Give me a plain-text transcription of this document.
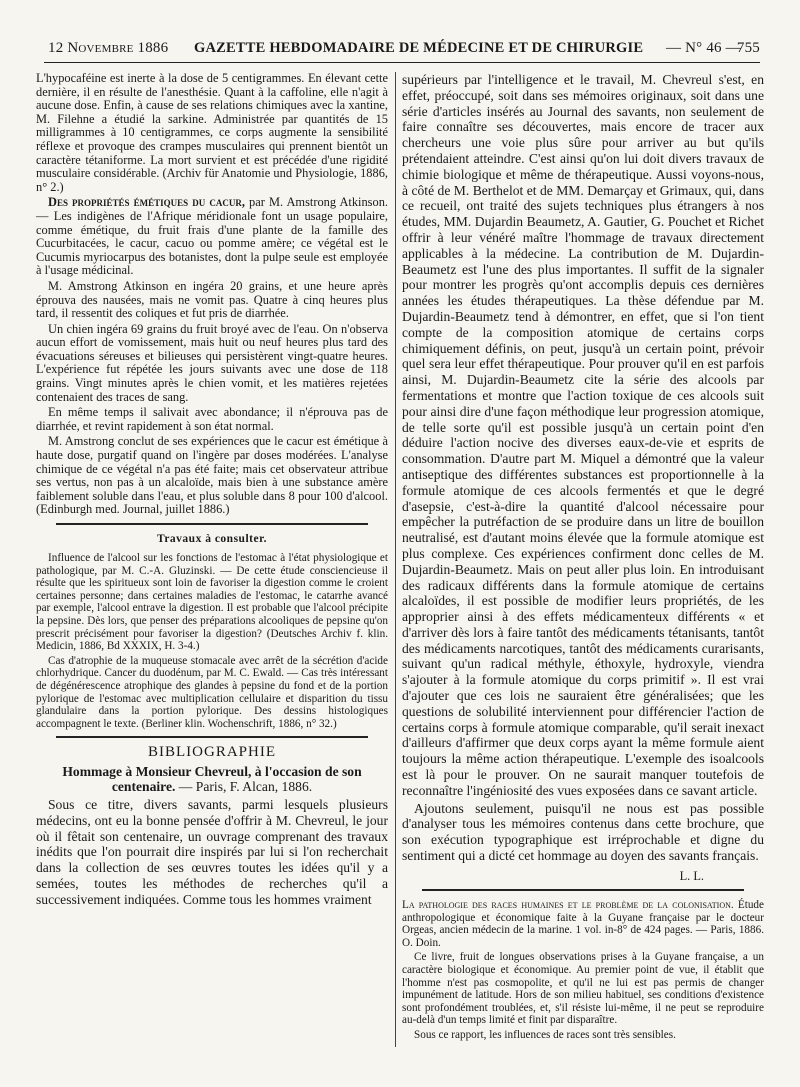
12 Novembre 1886 GAZETTE HEBDOMADAIRE DE MÉDECINE ET DE CHIRURGIE — N° 46 —
755

L'hypocaféine est inerte à la dose de 5 centigrammes. En élevant cette dernière, il en résulte de l'anesthésie. Quant à la caffoline, elle n'agit à aucune dose. Enfin, à cause de ses relations chimiques avec la xantine, M. Filehne a étudié la sarkine. Administrée par quantités de 15 milligrammes à 10 centigrammes, ce corps augmente la sensibilité réflexe et provoque des crampes musculaires qui prennent bientôt un caractère tétaniforme. La mort survient et est précédée d'une rigidité musculaire considérable. (Archiv für Anatomie und Physiologie, 1886, n° 2.)

Des propriétés émétiques du cacur, par M. Amstrong Atkinson. — Les indigènes de l'Afrique méridionale font un usage populaire, comme émétique, du fruit frais d'une plante de la famille des Cucurbitacées, le cacur, cacuo ou pomme amère; ce végétal est le Cucumis myriocarpus des botanistes, dont la pulpe seule est employée à l'usage médicinal.

M. Amstrong Atkinson en ingéra 20 grains, et une heure après éprouva des nausées, mais ne vomit pas. Quatre à cinq heures plus tard, il ressentit des coliques et fut pris de diarrhée.

Un chien ingéra 69 grains du fruit broyé avec de l'eau. On n'observa aucun effort de vomissement, mais huit ou neuf heures plus tard des évacuations séreuses et bilieuses qui persistèrent vingt-quatre heures. L'expérience fut répétée les jours suivants avec une dose de 118 grains. Vingt minutes après le chien vomit, et les matières rejetées contenaient des traces de sang.

En même temps il salivait avec abondance; il n'éprouva pas de diarrhée, et revint rapidement à son état normal.

M. Amstrong conclut de ses expériences que le cacur est émétique à haute dose, purgatif quand on l'ingère par doses modérées. L'analyse chimique de ce végétal n'a pas été faite; mais cet observateur attribue ses vertus, non pas à un alcaloïde, mais bien à une substance amère faiblement soluble dans l'eau, et plus soluble dans 8 pour 100 d'alcool. (Edinburgh med. Journal, juillet 1886.)

Travaux à consulter.

Influence de l'alcool sur les fonctions de l'estomac à l'état physiologique et pathologique, par M. C.-A. Gluzinski. — De cette étude consciencieuse il résulte que les spiritueux sont loin de favoriser la digestion comme le croient certaines personne; dans certaines maladies de l'estomac, le catarrhe avancé par exemple, l'alcool entrave la digestion. Il est probable que l'alcool précipite la pepsine. Dès lors, que penser des préparations alcooliques de pepsine qu'on prescrit précisément pour favoriser la digestion? (Deutsches Archiv f. klin. Medicin, 1886, Bd XXXIX, H. 3-4.)

Cas d'atrophie de la muqueuse stomacale avec arrêt de la sécrétion d'acide chlorhydrique. Cancer du duodénum, par M. C. Ewald. — Cas très intéressant de dégénérescence atrophique des glandes à pepsine du fond et de la portion pylorique de l'estomac avec multiplication cellulaire et disparition du tissu glandulaire dans la portion pylorique. Des dessins histologiques accompagnent le texte. (Berliner klin. Wochenschrift, 1886, n° 32.)

BIBLIOGRAPHIE

Hommage à Monsieur Chevreul, à l'occasion de son centenaire. — Paris, F. Alcan, 1886.

Sous ce titre, divers savants, parmi lesquels plusieurs médecins, ont eu la bonne pensée d'offrir à M. Chevreul, le jour où il fêtait son centenaire, un ouvrage comprenant des travaux inédits que l'on pourrait dire inspirés par lui si l'on recherchait dans la collection de ses œuvres toutes les idées qu'il y a semées, toutes les méthodes de recherches qu'il a successivement indiquées. Comme tous les hommes vraiment

supérieurs par l'intelligence et le travail, M. Chevreul s'est, en effet, préoccupé, soit dans ses mémoires originaux, soit dans une série d'articles insérés au Journal des savants, non seulement de faire connaître ses découvertes, mais encore de tracer aux chercheurs une voie plus sûre pour arriver au but qu'ils prétendaient atteindre. C'est ainsi qu'on lui doit divers travaux de chimie biologique et même de thérapeutique. Aussi voyons-nous, à côté de M. Berthelot et de MM. Demarçay et Grimaux, qui, dans ce recueil, ont traité des sujets techniques plus étrangers à nos études, MM. Dujardin Beaumetz, A. Gautier, G. Pouchet et Richet offrir à leur vénéré maître l'hommage de travaux directement applicables à la médecine. La contribution de M. Dujardin-Beaumetz est l'une des plus importantes. Il suffit de la signaler pour montrer les progrès qu'ont accomplis depuis ces dernières années les études thérapeutiques. La thèse défendue par M. Dujardin-Beaumetz tend à démontrer, en effet, que si l'on tient compte de la composition atomique de certains corps chimiquement définis, on peut, jusqu'à un certain point, prévoir quel sera leur effet thérapeutique. Pour prouver qu'il en est parfois ainsi, M. Dujardin-Beaumetz cite la série des alcools par fermentations et montre que l'action toxique de ces alcools suit pour ainsi dire d'une façon méthodique leur progression atomique, de telle sorte qu'il est possible jusqu'à un certain point d'en déduire l'action nocive des diverses eaux-de-vie et esprits de consommation. D'autre part M. Miquel a démontré que la valeur antiseptique des différentes substances est proportionnelle à la formule atomique de ces alcools fermentés et que le degré d'asepsie, c'est-à-dire la quantité d'alcool nécessaire pour empêcher la putréfaction de se produire dans un litre de bouillon neutralisé, est d'autant moins élevée que la formule atomique est plus complexe. Ces expériences confirment donc celles de M. Dujardin-Beaumetz. Mais on peut aller plus loin. En introduisant des radicaux différents dans la formule atomique de certains alcaloïdes, il est possible de modifier leurs propriétés, de les approprier ainsi à des effets médicamenteux différents « et d'arriver dès lors à faire tantôt des médicaments tétanisants, tantôt des médicaments narcotiques, tantôt des médicaments curarisants, suivant qu'un radical méthyle, éthoxyle, hydroxyle, viendra s'ajouter à la formule atomique du corps primitif ». Il est vrai d'ajouter que ces lois ne sauraient être généralisées; que les questions de solubilité interviennent pour différencier l'action de certains corps à formule atomique comparable, qu'il serait inexact d'ailleurs d'affirmer que deux corps ayant la même formule aient toujours la même action thérapeutique. L'exemple des isoalcools est là pour le prouver. On ne saurait manquer toutefois de reconnaître l'ingéniosité des vues exposées dans ce savant article.

Ajoutons seulement, puisqu'il ne nous est pas possible d'analyser tous les mémoires contenus dans cette brochure, que son exécution typographique est irréprochable et digne du sentiment qui a dicté cet hommage au doyen des savants français.

L. L.

La pathologie des races humaines et le problème de la colonisation. Étude anthropologique et économique faite à la Guyane française par le docteur Orgeas, ancien médecin de la marine. 1 vol. in-8° de 424 pages. — Paris, 1886. O. Doin.

Ce livre, fruit de longues observations prises à la Guyane française, a un caractère biologique et économique. Au premier point de vue, il établit que l'homme n'est pas cosmopolite, et qu'il ne lui est pas permis de changer impunément de latitude. Hors de son milieu habituel, ses conditions d'existence sont profondément troublées, et, s'il résiste lui-même, il ne peut se reproduire au-delà d'un temps limité et finit par disparaître.

Sous ce rapport, les influences de races sont très sensibles.
